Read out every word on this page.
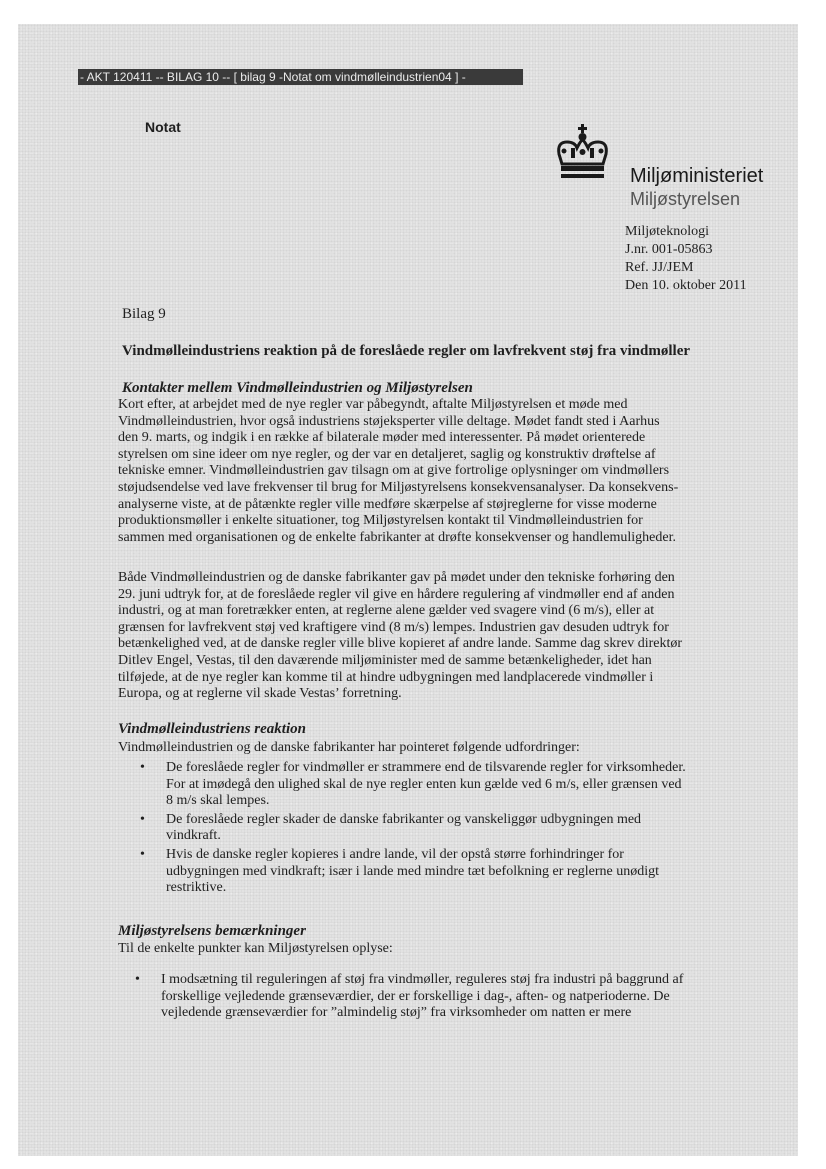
- AKT 120411 -- BILAG 10 -- [ bilag 9 -Notat om vindmølleindustrien04 ] -
Notat
Miljøministeriet
Miljøstyrelsen
Miljøteknologi
J.nr. 001-05863
Ref. JJ/JEM
Den 10. oktober 2011
Bilag 9
Vindmølleindustriens reaktion på de foreslåede regler om lavfrekvent støj fra vindmøller
Kontakter mellem Vindmølleindustrien og Miljøstyrelsen
Kort efter, at arbejdet med de nye regler var påbegyndt, aftalte Miljøstyrelsen et møde med
Vindmølleindustrien, hvor også industriens støjeksperter ville deltage. Mødet fandt sted i Aarhus
den 9. marts, og indgik i en række af bilaterale møder med interessenter. På mødet orienterede
styrelsen om sine ideer om nye regler, og der var en detaljeret, saglig og konstruktiv drøftelse af
tekniske emner. Vindmølleindustrien gav tilsagn om at give fortrolige oplysninger om vindmøllers
støjudsendelse ved lave frekvenser til brug for Miljøstyrelsens konsekvensanalyser. Da konsekvens-
analyserne viste, at de påtænkte regler ville medføre skærpelse af støjreglerne for visse moderne
produktionsmøller i enkelte situationer, tog Miljøstyrelsen kontakt til Vindmølleindustrien for
sammen med organisationen og de enkelte fabrikanter at drøfte konsekvenser og handlemuligheder.
Både Vindmølleindustrien og de danske fabrikanter gav på mødet under den tekniske forhøring den
29. juni udtryk for, at de foreslåede regler vil give en hårdere regulering af vindmøller end af anden
industri, og at man foretrækker enten, at reglerne alene gælder ved svagere vind (6 m/s), eller at
grænsen for lavfrekvent støj ved kraftigere vind (8 m/s) lempes. Industrien gav desuden udtryk for
betænkelighed ved, at de danske regler ville blive kopieret af andre lande. Samme dag skrev direktør
Ditlev Engel, Vestas, til den daværende miljøminister med de samme betænkeligheder, idet han
tilføjede, at de nye regler kan komme til at hindre udbygningen med landplacerede vindmøller i
Europa, og at reglerne vil skade Vestas’ forretning.
Vindmølleindustriens reaktion
Vindmølleindustrien og de danske fabrikanter har pointeret følgende udfordringer:
• De foreslåede regler for vindmøller er strammere end de tilsvarende regler for virksomheder.
For at imødegå den ulighed skal de nye regler enten kun gælde ved 6 m/s, eller grænsen ved
8 m/s skal lempes.
• De foreslåede regler skader de danske fabrikanter og vanskeliggør udbygningen med
vindkraft.
• Hvis de danske regler kopieres i andre lande, vil der opstå større forhindringer for
udbygningen med vindkraft; især i lande med mindre tæt befolkning er reglerne unødigt
restriktive.
Miljøstyrelsens bemærkninger
Til de enkelte punkter kan Miljøstyrelsen oplyse:
• I modsætning til reguleringen af støj fra vindmøller, reguleres støj fra industri på baggrund af
forskellige vejledende grænseværdier, der er forskellige i dag-, aften- og natperioderne. De
vejledende grænseværdier for ”almindelig støj” fra virksomheder om natten er mere
